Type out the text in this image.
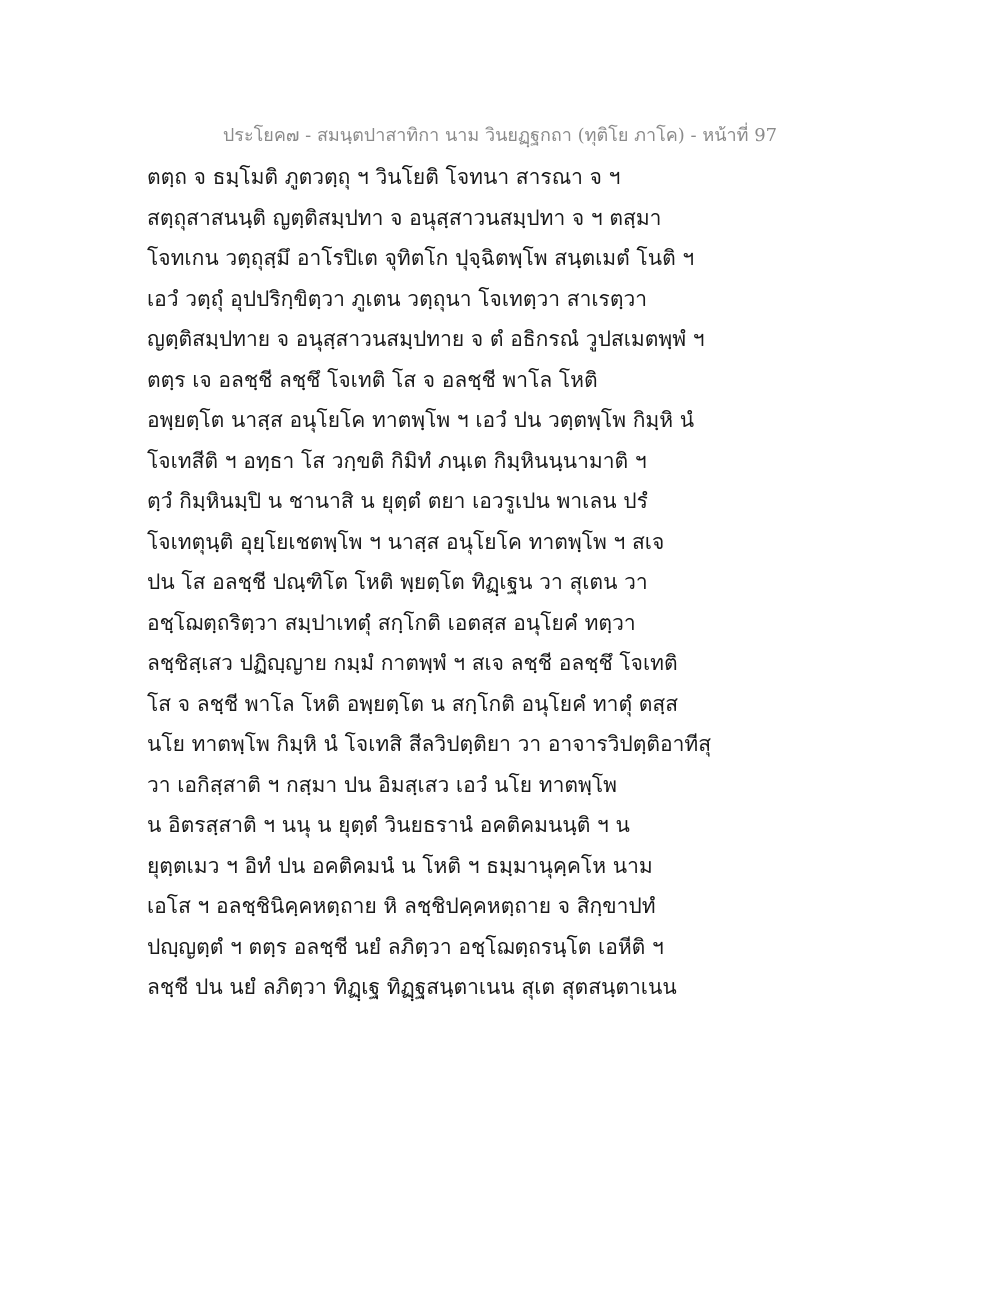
ประโยค๗ - สมนฺตปาสาทิกา นาม วินยฏฺฐกถา (ทุติโย ภาโค) - หน้าที่ 97
ตตฺถ จ ธมฺโมติ ภูตวตฺถุ ฯ วินโยติ โจทนา สารณา จ ฯ
สตฺถุสาสนนฺติ ญตฺติสมฺปทา จ อนุสฺสาวนสมฺปทา จ ฯ ตสฺมา
โจทเกน วตฺถุสฺมึ อาโรปิเต จุทิตโก ปุจฺฉิตพฺโพ สนฺตเมตํ โนติ ฯ
เอวํ วตฺถุํ อุปปริกฺขิตฺวา ภูเตน วตฺถุนา โจเทตฺวา สาเรตฺวา
ญตฺติสมฺปทาย จ อนุสฺสาวนสมฺปทาย จ ตํ อธิกรณํ วูปสเมตพฺพํ ฯ
ตตฺร เจ อลชฺชี ลชฺชึ โจเทติ โส จ อลชฺชี พาโล โหติ
อพฺยตฺโต นาสฺส อนุโยโค ทาตพฺโพ ฯ เอวํ ปน วตฺตพฺโพ กิมฺหิ นํ
โจเทสีติ ฯ อทฺธา โส วกฺขติ กิมิทํ ภนฺเต กิมฺหินนฺนามาติ ฯ
ตฺวํ กิมฺหินมฺปิ น ชานาสิ น ยุตฺตํ ตยา เอวรูเปน พาเลน ปรํ
โจเทตุนฺติ อุยฺโยเชตพฺโพ ฯ นาสฺส อนุโยโค ทาตพฺโพ ฯ สเจ
ปน โส อลชฺชี ปณฺฑิโต โหติ พฺยตฺโต ทิฏฺเฐน วา สุเตน วา
อชฺโฌตฺถริตฺวา สมฺปาเทตุํ สกฺโกติ เอตสฺส อนุโยคํ ทตฺวา
ลชฺชิสฺเสว ปฏิญฺญาย กมฺมํ กาตพฺพํ ฯ สเจ ลชฺชี อลชฺชึ โจเทติ
โส จ ลชฺชี พาโล โหติ อพฺยตฺโต น สกฺโกติ อนุโยคํ ทาตุํ ตสฺส
นโย ทาตพฺโพ กิมฺหิ นํ โจเทสิ สีลวิปตฺติยา วา อาจารวิปตฺติอาทีสุ
วา เอกิสฺสาติ ฯ กสฺมา ปน อิมสฺเสว เอวํ นโย ทาตพฺโพ
น อิตรสฺสาติ ฯ นนุ น ยุตฺตํ วินยธรานํ อคติคมนนฺติ ฯ น
ยุตฺตเมว ฯ อิทํ ปน อคติคมนํ น โหติ ฯ ธมฺมานุคฺคโห นาม
เอโส ฯ อลชฺชินิคฺคหตฺถาย หิ ลชฺชิปคฺคหตฺถาย จ สิกฺขาปทํ
ปญฺญตฺตํ ฯ ตตฺร อลชฺชี นยํ ลภิตฺวา อชฺโฌตฺถรนฺโต เอหีติ ฯ
ลชฺชี ปน นยํ ลภิตฺวา ทิฏฺเฐ ทิฏฺฐสนฺตาเนน สุเต สุตสนฺตาเนน
